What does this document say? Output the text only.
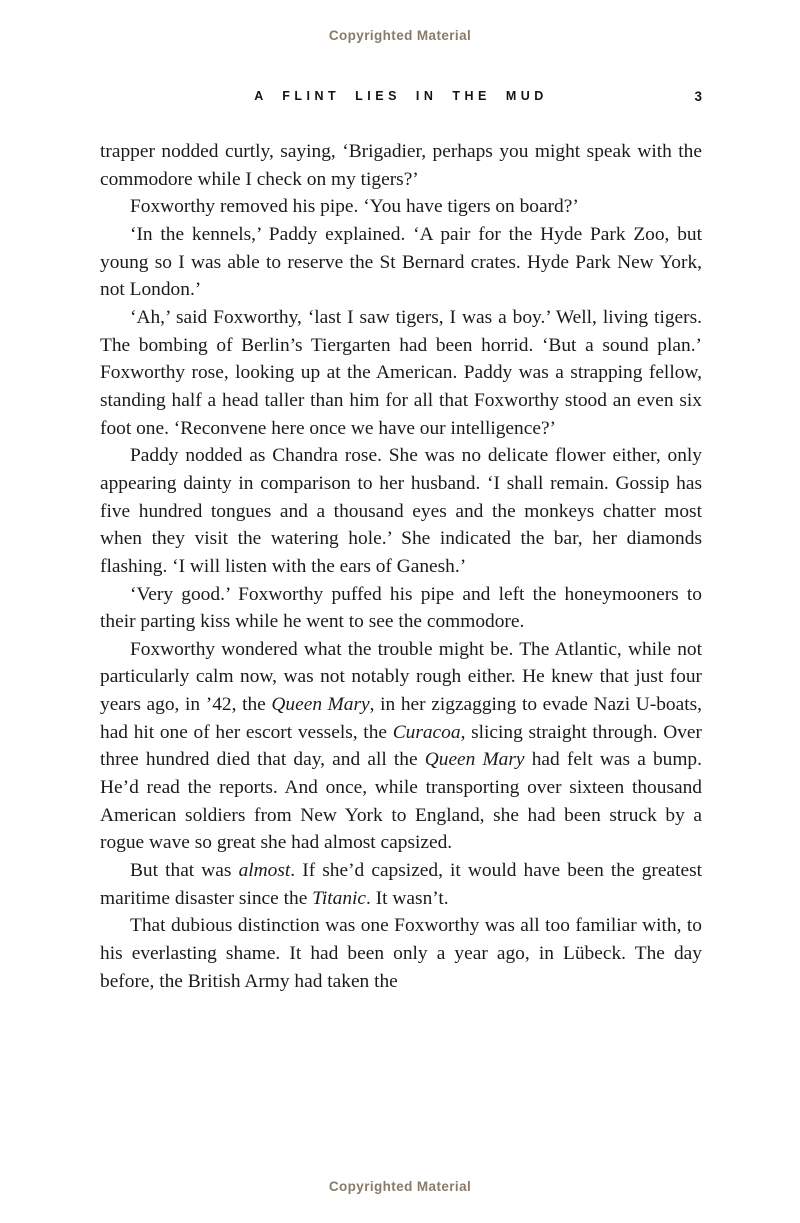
Copyrighted Material
A FLINT LIES IN THE MUD	3

trapper nodded curtly, saying, ‘Brigadier, perhaps you might speak with the commodore while I check on my tigers?’

Foxworthy removed his pipe. ‘You have tigers on board?’

‘In the kennels,’ Paddy explained. ‘A pair for the Hyde Park Zoo, but young so I was able to reserve the St Bernard crates. Hyde Park New York, not London.’

‘Ah,’ said Foxworthy, ‘last I saw tigers, I was a boy.’ Well, living tigers. The bombing of Berlin’s Tiergarten had been horrid. ‘But a sound plan.’ Foxworthy rose, looking up at the American. Paddy was a strapping fellow, standing half a head taller than him for all that Foxworthy stood an even six foot one. ‘Reconvene here once we have our intelligence?’

Paddy nodded as Chandra rose. She was no delicate flower either, only appearing dainty in comparison to her husband. ‘I shall remain. Gossip has five hundred tongues and a thousand eyes and the monkeys chatter most when they visit the watering hole.’ She indicated the bar, her diamonds flashing. ‘I will listen with the ears of Ganesh.’

‘Very good.’ Foxworthy puffed his pipe and left the honeymooners to their parting kiss while he went to see the commodore.

Foxworthy wondered what the trouble might be. The Atlantic, while not particularly calm now, was not notably rough either. He knew that just four years ago, in ’42, the Queen Mary, in her zigzagging to evade Nazi U-boats, had hit one of her escort vessels, the Curacoa, slicing straight through. Over three hundred died that day, and all the Queen Mary had felt was a bump. He’d read the reports. And once, while transporting over sixteen thousand American soldiers from New York to England, she had been struck by a rogue wave so great she had almost capsized.

But that was almost. If she’d capsized, it would have been the greatest maritime disaster since the Titanic. It wasn’t.

That dubious distinction was one Foxworthy was all too familiar with, to his everlasting shame. It had been only a year ago, in Lübeck. The day before, the British Army had taken the

Copyrighted Material
